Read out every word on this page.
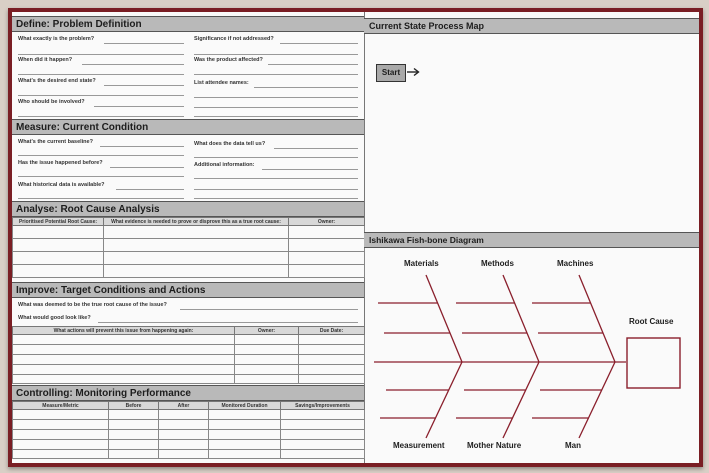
Define: Problem Definition
What exactly is the problem?	Significance if not addressed?
When did it happen?	Was the product affected?
What's the desired end state?	List attendee names:
Who should be involved?
Measure: Current Condition
What's the current baseline?	What does the data tell us?
Has the issue happened before?	Additional information:
What historical data is available?
Analyse: Root Cause Analysis
Prioritised Potential Root Cause:	What evidence is needed to prove or disprove this as a true root cause:	Owner:

Improve: Target Conditions and Actions
What was deemed to be the true root cause of the issue?
What would good look like?
What actions will prevent this issue from happening again:	Owner:	Due Date:

Controlling: Monitoring Performance
Measure/Metric	Before	After	Monitored Duration	Savings/Improvements

Current State Process Map
Start
Ishikawa Fish-bone Diagram
Materials	Methods	Machines
Measurement	Mother Nature	Man
Root Cause
